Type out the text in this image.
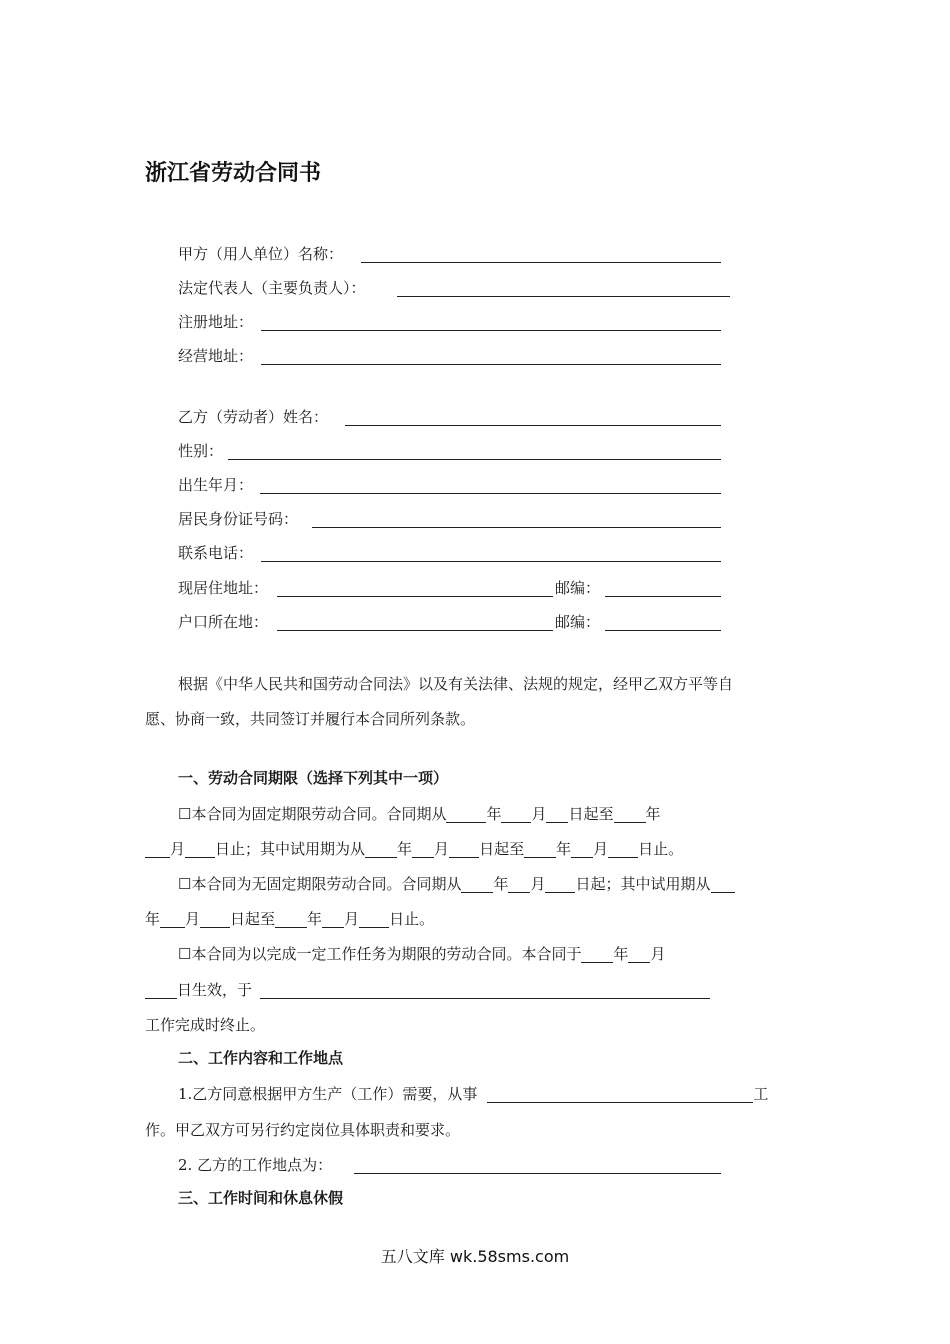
浙江省劳动合同书
甲方（用人单位）名称：
法定代表人（主要负责人）：
注册地址：
经营地址：
乙方（劳动者）姓名：
性别：
出生年月：
居民身份证号码：
联系电话：
现居住地址：	邮编：
户口所在地：	邮编：
根据《中华人民共和国劳动合同法》以及有关法律、法规的规定，经甲乙双方平等自
愿、协商一致，共同签订并履行本合同所列条款。
一、劳动合同期限（选择下列其中一项）
☐本合同为固定期限劳动合同。合同期从	年 月 日起至 年
月 日止；其中试用期为从 年 月 日起至 年 月 日止。
☐本合同为无固定期限劳动合同。合同期从 年 月 日起；其中试用期从
年 月 日起至 年 月 日止。
☐本合同为以完成一定工作任务为期限的劳动合同。本合同于 年 月
日生效，于
工作完成时终止。
二、工作内容和工作地点
1.乙方同意根据甲方生产（工作）需要，从事	工
作。甲乙双方可另行约定岗位具体职责和要求。
2. 乙方的工作地点为：
三、工作时间和休息休假
五八文库 wk.58sms.com
